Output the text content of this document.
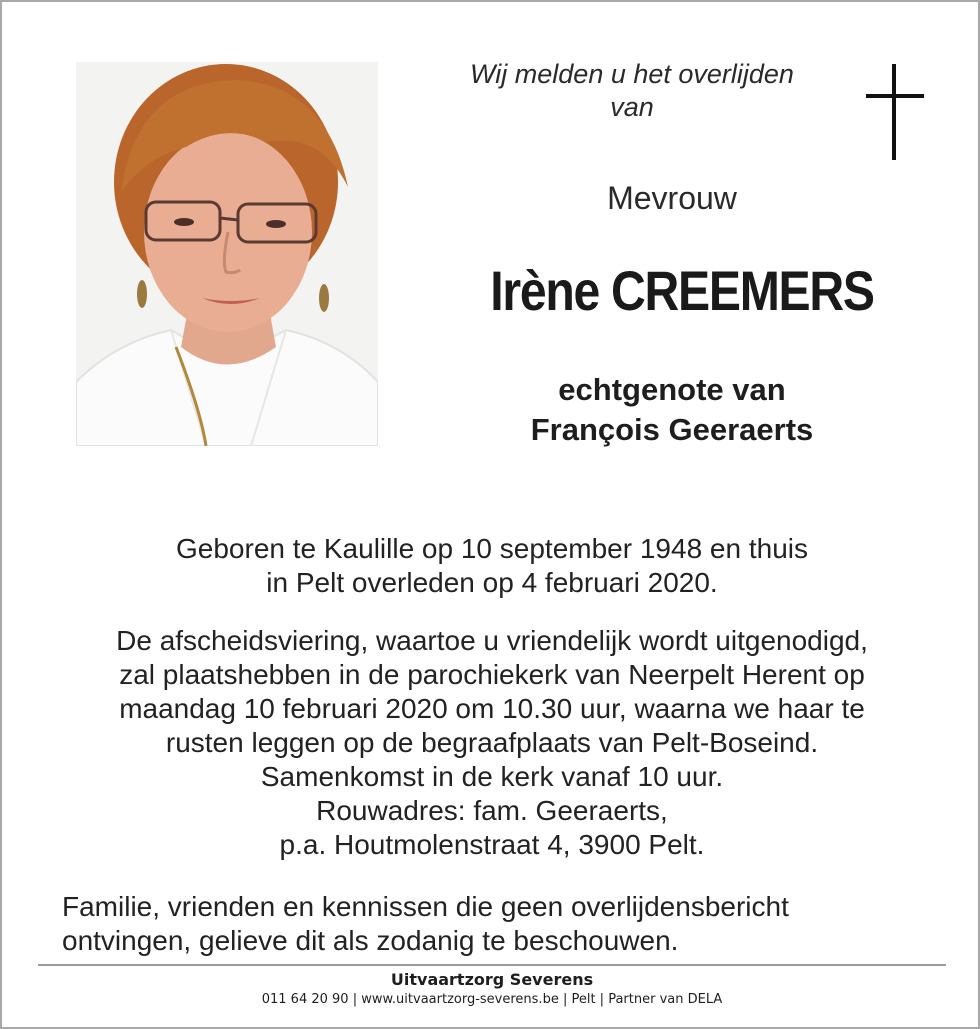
Wij melden u het overlijden
van
Mevrouw
Irène CREEMERS
echtgenote van
François Geeraerts
Geboren te Kaulille op 10 september 1948 en thuis
in Pelt overleden op 4 februari 2020.
De afscheidsviering, waartoe u vriendelijk wordt uitgenodigd,
zal plaatshebben in de parochiekerk van Neerpelt Herent op
maandag 10 februari 2020 om 10.30 uur, waarna we haar te
rusten leggen op de begraafplaats van Pelt-Boseind.
Samenkomst in de kerk vanaf 10 uur.
Rouwadres: fam. Geeraerts,
p.a. Houtmolenstraat 4, 3900 Pelt.
Familie, vrienden en kennissen die geen overlijdensbericht
ontvingen, gelieve dit als zodanig te beschouwen.
Uitvaartzorg Severens
011 64 20 90 | www.uitvaartzorg-severens.be | Pelt | Partner van DELA
